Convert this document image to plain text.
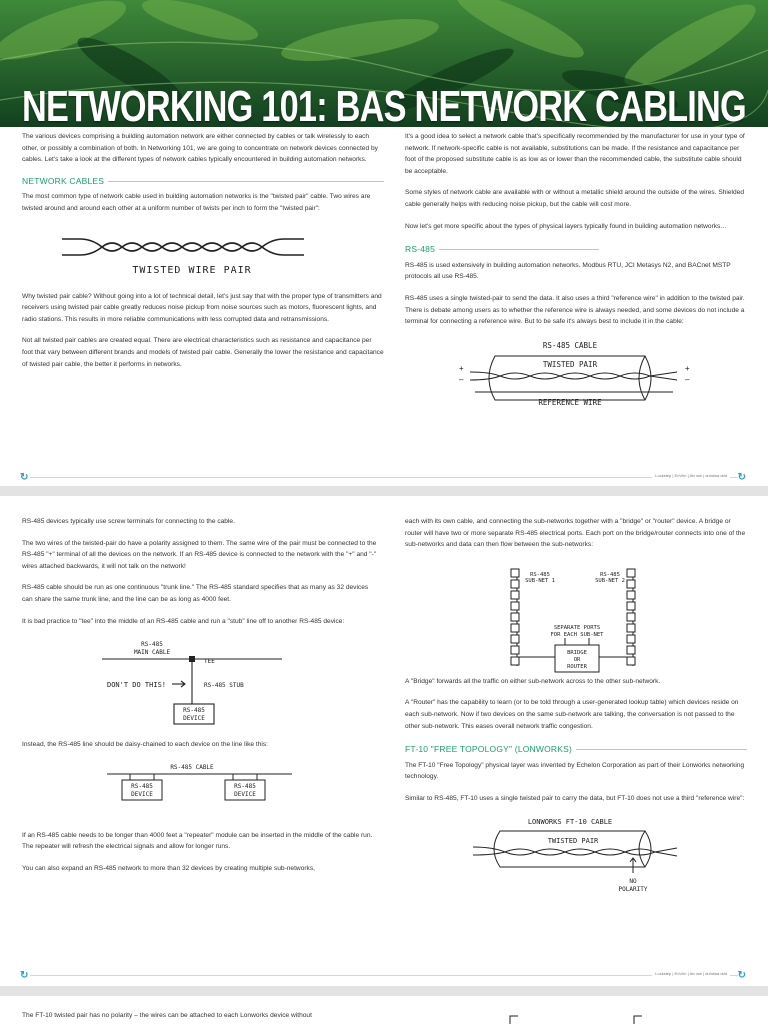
NETWORKING 101: BAS NETWORK CABLING

The various devices comprising a building automation network are either connected by cables or talk wirelessly to each other, or possibly a combination of both. In Networking 101, we are going to concentrate on network devices connected by cables. Let's take a look at the different types of network cables typically encountered in building automation networks.

NETWORK CABLES

The most common type of network cable used in building automation networks is the "twisted pair" cable. Two wires are twisted around and around each other at a uniform number of twists per inch to form the "twisted pair":

TWISTED WIRE PAIR

Why twisted pair cable? Without going into a lot of technical detail, let's just say that with the proper type of transmitters and receivers using twisted pair cable greatly reduces noise pickup from noise sources such as motors, fluorescent lights, and radio stations. This results in more reliable communications with less corrupted data and retransmissions.

Not all twisted pair cables are created equal. There are electrical characteristics such as resistance and capacitance per foot that vary between different brands and models of twisted pair cable. Generally the lower the resistance and capacitance of twisted pair cable, the better it performs in networks.

It's a good idea to select a network cable that's specifically recommended by the manufacturer for use in your type of network. If network-specific cable is not available, substitutions can be made. If the resistance and capacitance per foot of the proposed substitute cable is as low as or lower than the recommended cable, the substitute cable should be acceptable.

Some styles of network cable are available with or without a metallic shield around the outside of the wires. Shielded cable generally helps with reducing noise pickup, but the cable will cost more.

Now let's get more specific about the types of physical layers typically found in building automation networks…

RS-485

RS-485 is used extensively in building automation networks. Modbus RTU, JCI Metasys N2, and BACnet MSTP protocols all use RS-485.

RS-485 uses a single twisted-pair to send the data. It also uses a third "reference wire" in addition to the twisted pair. There is debate among users as to whether the reference wire is always needed, and some devices do not include a terminal for connecting a reference wire. But to be safe it's always best to include it in the cable:

RS-485 CABLE
TWISTED PAIR
REFERENCE WIRE
+
–
+
–
↻	Lockstep | EnVirn | Aiv ww | duhdwa ddd	↻

RS-485 devices typically use screw terminals for connecting to the cable.

The two wires of the twisted-pair do have a polarity assigned to them. The same wire of the pair must be connected to the RS-485 "+" terminal of all the devices on the network. If an RS-485 device is connected to the network with the "+" and "-" wires attached backwards, it will not talk on the network!

RS-485 cable should be run as one continuous "trunk line." The RS-485 standard specifies that as many as 32 devices can share the same trunk line, and the line can be as long as 4000 feet.

It is bad practice to "tee" into the middle of an RS-485 cable and run a "stub" line off to another RS-485 device:

RS-485
MAIN CABLE
TEE
DON'T DO THIS!	RS-485 STUB
RS-485
DEVICE

Instead, the RS-485 line should be daisy-chained to each device on the line like this:

RS-485 CABLE
RS-485
DEVICE
RS-485
DEVICE

If an RS-485 cable needs to be longer than 4000 feet a "repeater" module can be inserted in the middle of the cable run. The repeater will refresh the electrical signals and allow for longer runs.

You can also expand an RS-485 network to more than 32 devices by creating multiple sub-networks,

each with its own cable, and connecting the sub-networks together with a "bridge" or "router" device. A bridge or router will have two or more separate RS-485 electrical ports. Each port on the bridge/router connects into one of the sub-networks and data can then flow between the sub-networks:

RS-485
SUB-NET 1
RS-485
SUB-NET 2
SEPARATE PORTS
FOR EACH SUB-NET
BRIDGE
OR
ROUTER

A "Bridge" forwards all the traffic on either sub-network across to the other sub-network.

A "Router" has the capability to learn (or to be told through a user-generated lookup table) which devices reside on each sub-network. Now if two devices on the same sub-network are talking, the conversation is not passed to the other sub-network. This eases overall network traffic congestion.

FT-10 "FREE TOPOLOGY" (LONWORKS)

The FT-10 "Free Topology" physical layer was invented by Echelon Corporation as part of their Lonworks networking technology.

Similar to RS-485, FT-10 uses a single twisted pair to carry the data, but FT-10 does not use a third "reference wire":

LONWORKS FT-10 CABLE
TWISTED PAIR
NO
POLARITY
↻	Lockstep | EnVirn | Aiv ww | duhdwa ddd	↻

The FT-10 twisted pair has no polarity – the wires can be attached to each Lonworks device without
